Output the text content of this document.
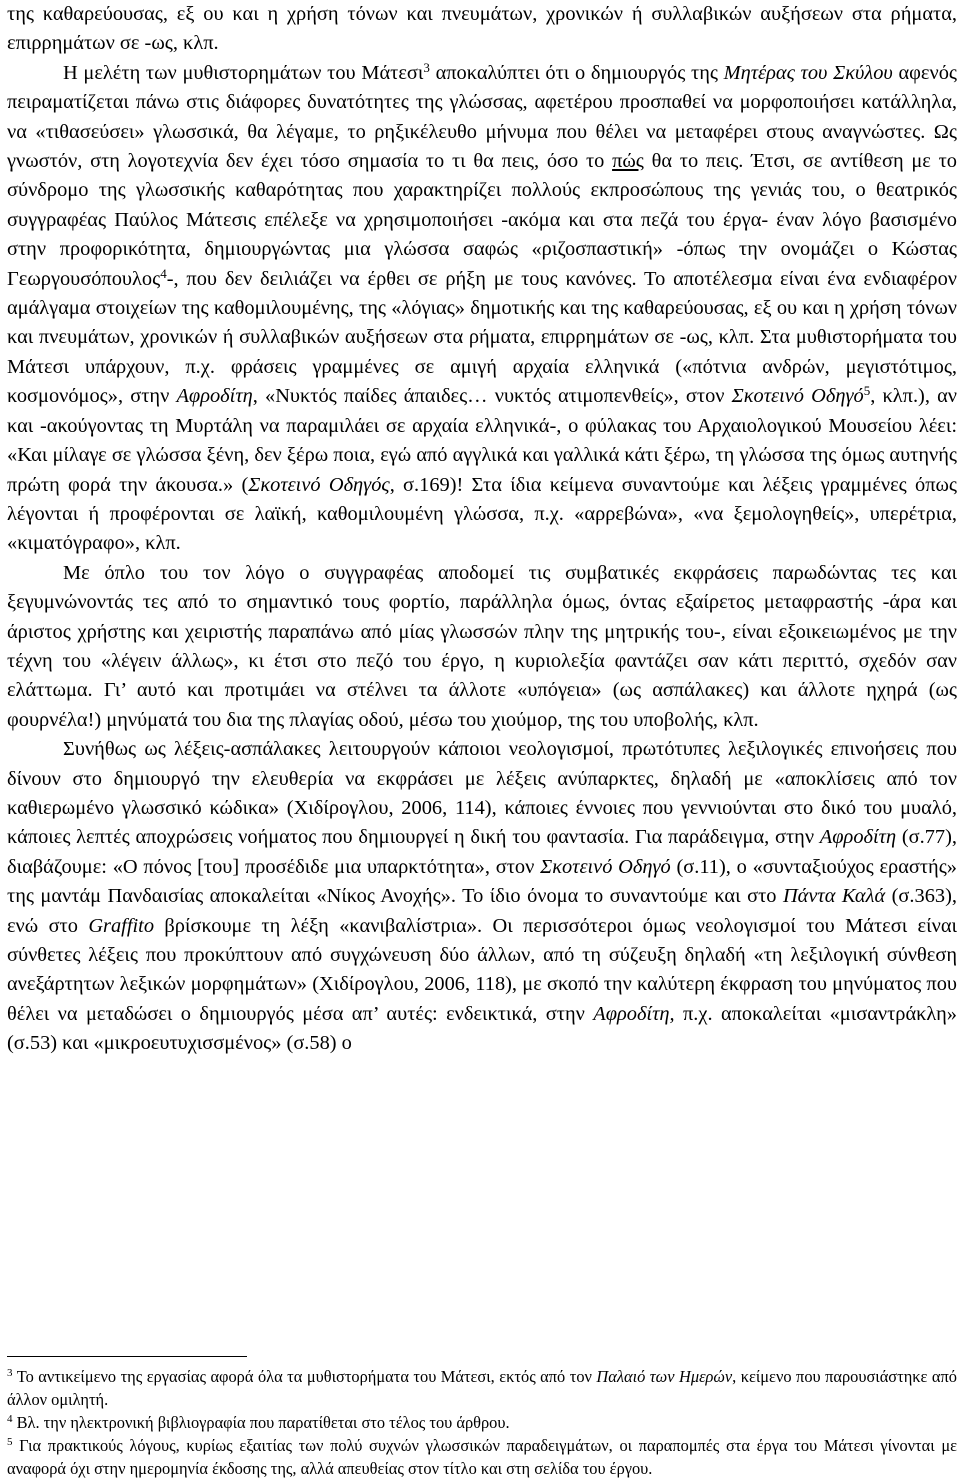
της καθαρεύουσας, εξ ου και η χρήση τόνων και πνευμάτων, χρονικών ή συλλαβικών αυξήσεων στα ρήματα, επιρρημάτων σε -ως, κλπ.

Η μελέτη των μυθιστορημάτων του Μάτεσι$^3$ αποκαλύπτει ότι ο δημιουργός της Μητέρας του Σκύλου αφενός πειραματίζεται πάνω στις διάφορες δυνατότητες της γλώσσας, αφετέρου προσπαθεί να μορφοποιήσει κατάλληλα, να «τιθασεύσει» γλωσσικά, θα λέγαμε, το ρηξικέλευθο μήνυμα που θέλει να μεταφέρει στους αναγνώστες. Ως γνωστόν, στη λογοτεχνία δεν έχει τόσο σημασία το τι θα πεις, όσο το πώς θα το πεις. Έτσι, σε αντίθεση με το σύνδρομο της γλωσσικής καθαρότητας που χαρακτηρίζει πολλούς εκπροσώπους της γενιάς του, ο θεατρικός συγγραφέας Παύλος Μάτεσις επέλεξε να χρησιμοποιήσει -ακόμα και στα πεζά του έργα- έναν λόγο βασισμένο στην προφορικότητα, δημιουργώντας μια γλώσσα σαφώς «ριζοσπαστική» -όπως την ονομάζει ο Κώστας Γεωργουσόπουλος$^4$-, που δεν δειλιάζει να έρθει σε ρήξη με τους κανόνες. Το αποτέλεσμα είναι ένα ενδιαφέρον αμάλγαμα στοιχείων της καθομιλουμένης, της «λόγιας» δημοτικής και της καθαρεύουσας, εξ ου και η χρήση τόνων και πνευμάτων, χρονικών ή συλλαβικών αυξήσεων στα ρήματα, επιρρημάτων σε -ως, κλπ. Στα μυθιστορήματα του Μάτεσι υπάρχουν, π.χ. φράσεις γραμμένες σε αμιγή αρχαία ελληνικά («πότνια ανδρών, μεγιστότιμος, κοσμονόμος», στην Αφροδίτη, «Νυκτός παίδες άπαιδες… νυκτός ατιμοπενθείς», στον Σκοτεινό Οδηγό$^5$, κλπ.), αν και -ακούγοντας τη Μυρτάλη να παραμιλάει σε αρχαία ελληνικά-, ο φύλακας του Αρχαιολογικού Μουσείου λέει: «Και μίλαγε σε γλώσσα ξένη, δεν ξέρω ποια, εγώ από αγγλικά και γαλλικά κάτι ξέρω, τη γλώσσα της όμως αυτηνής πρώτη φορά την άκουσα.» (Σκοτεινό Οδηγός, σ.169)! Στα ίδια κείμενα συναντούμε και λέξεις γραμμένες όπως λέγονται ή προφέρονται σε λαϊκή, καθομιλουμένη γλώσσα, π.χ. «αρρεβώνα», «να ξεμολογηθείς», υπερέτρια, «κιματόγραφο», κλπ.

Με όπλο του τον λόγο ο συγγραφέας αποδομεί τις συμβατικές εκφράσεις παρωδώντας τες και ξεγυμνώνοντάς τες από το σημαντικό τους φορτίο, παράλληλα όμως, όντας εξαίρετος μεταφραστής -άρα και άριστος χρήστης και χειριστής παραπάνω από μίας γλωσσών πλην της μητρικής του-, είναι εξοικειωμένος με την τέχνη του «λέγειν άλλως», κι έτσι στο πεζό του έργο, η κυριολεξία φαντάζει σαν κάτι περιττό, σχεδόν σαν ελάττωμα. Γι’ αυτό και προτιμάει να στέλνει τα άλλοτε «υπόγεια» (ως ασπάλακες) και άλλοτε ηχηρά (ως φουρνέλα!) μηνύματά του δια της πλαγίας οδού, μέσω του χιούμορ, της του υποβολής, κλπ.

Συνήθως ως λέξεις-ασπάλακες λειτουργούν κάποιοι νεολογισμοί, πρωτότυπες λεξιλογικές επινοήσεις που δίνουν στο δημιουργό την ελευθερία να εκφράσει με λέξεις ανύπαρκτες, δηλαδή με «αποκλίσεις από τον καθιερωμένο γλωσσικό κώδικα» (Χιδίρογλου, 2006, 114), κάποιες έννοιες που γεννιούνται στο δικό του μυαλό, κάποιες λεπτές αποχρώσεις νοήματος που δημιουργεί η δική του φαντασία. Για παράδειγμα, στην Αφροδίτη (σ.77), διαβάζουμε: «Ο πόνος [του] προσέδιδε μια υπαρκτότητα», στον Σκοτεινό Οδηγό (σ.11), ο «συνταξιούχος εραστής» της μαντάμ Πανδαισίας αποκαλείται «Νίκος Ανοχής». Το ίδιο όνομα το συναντούμε και στο Πάντα Καλά (σ.363), ενώ στο Graffito βρίσκουμε τη λέξη «κανιβαλίστρια». Οι περισσότεροι όμως νεολογισμοί του Μάτεσι είναι σύνθετες λέξεις που προκύπτουν από συγχώνευση δύο άλλων, από τη σύζευξη δηλαδή «τη λεξιλογική σύνθεση ανεξάρτητων λεξικών μορφημάτων» (Χιδίρογλου, 2006, 118), με σκοπό την καλύτερη έκφραση του μηνύματος που θέλει να μεταδώσει ο δημιουργός μέσα απ’ αυτές: ενδεικτικά, στην Αφροδίτη, π.χ. αποκαλείται «μισαντράκλη» (σ.53) και «μικροευτυχισσμένος» (σ.58) ο

$^3$ Το αντικείμενο της εργασίας αφορά όλα τα μυθιστορήματα του Μάτεσι, εκτός από τον Παλαιό των Ημερών, κείμενο που παρουσιάστηκε από άλλον ομιλητή.

$^4$ Βλ. την ηλεκτρονική βιβλιογραφία που παρατίθεται στο τέλος του άρθρου.

$^5$ Για πρακτικούς λόγους, κυρίως εξαιτίας των πολύ συχνών γλωσσικών παραδειγμάτων, οι παραπομπές στα έργα του Μάτεσι γίνονται με αναφορά όχι στην ημερομηνία έκδοσης της, αλλά απευθείας στον τίτλο και στη σελίδα του έργου.
